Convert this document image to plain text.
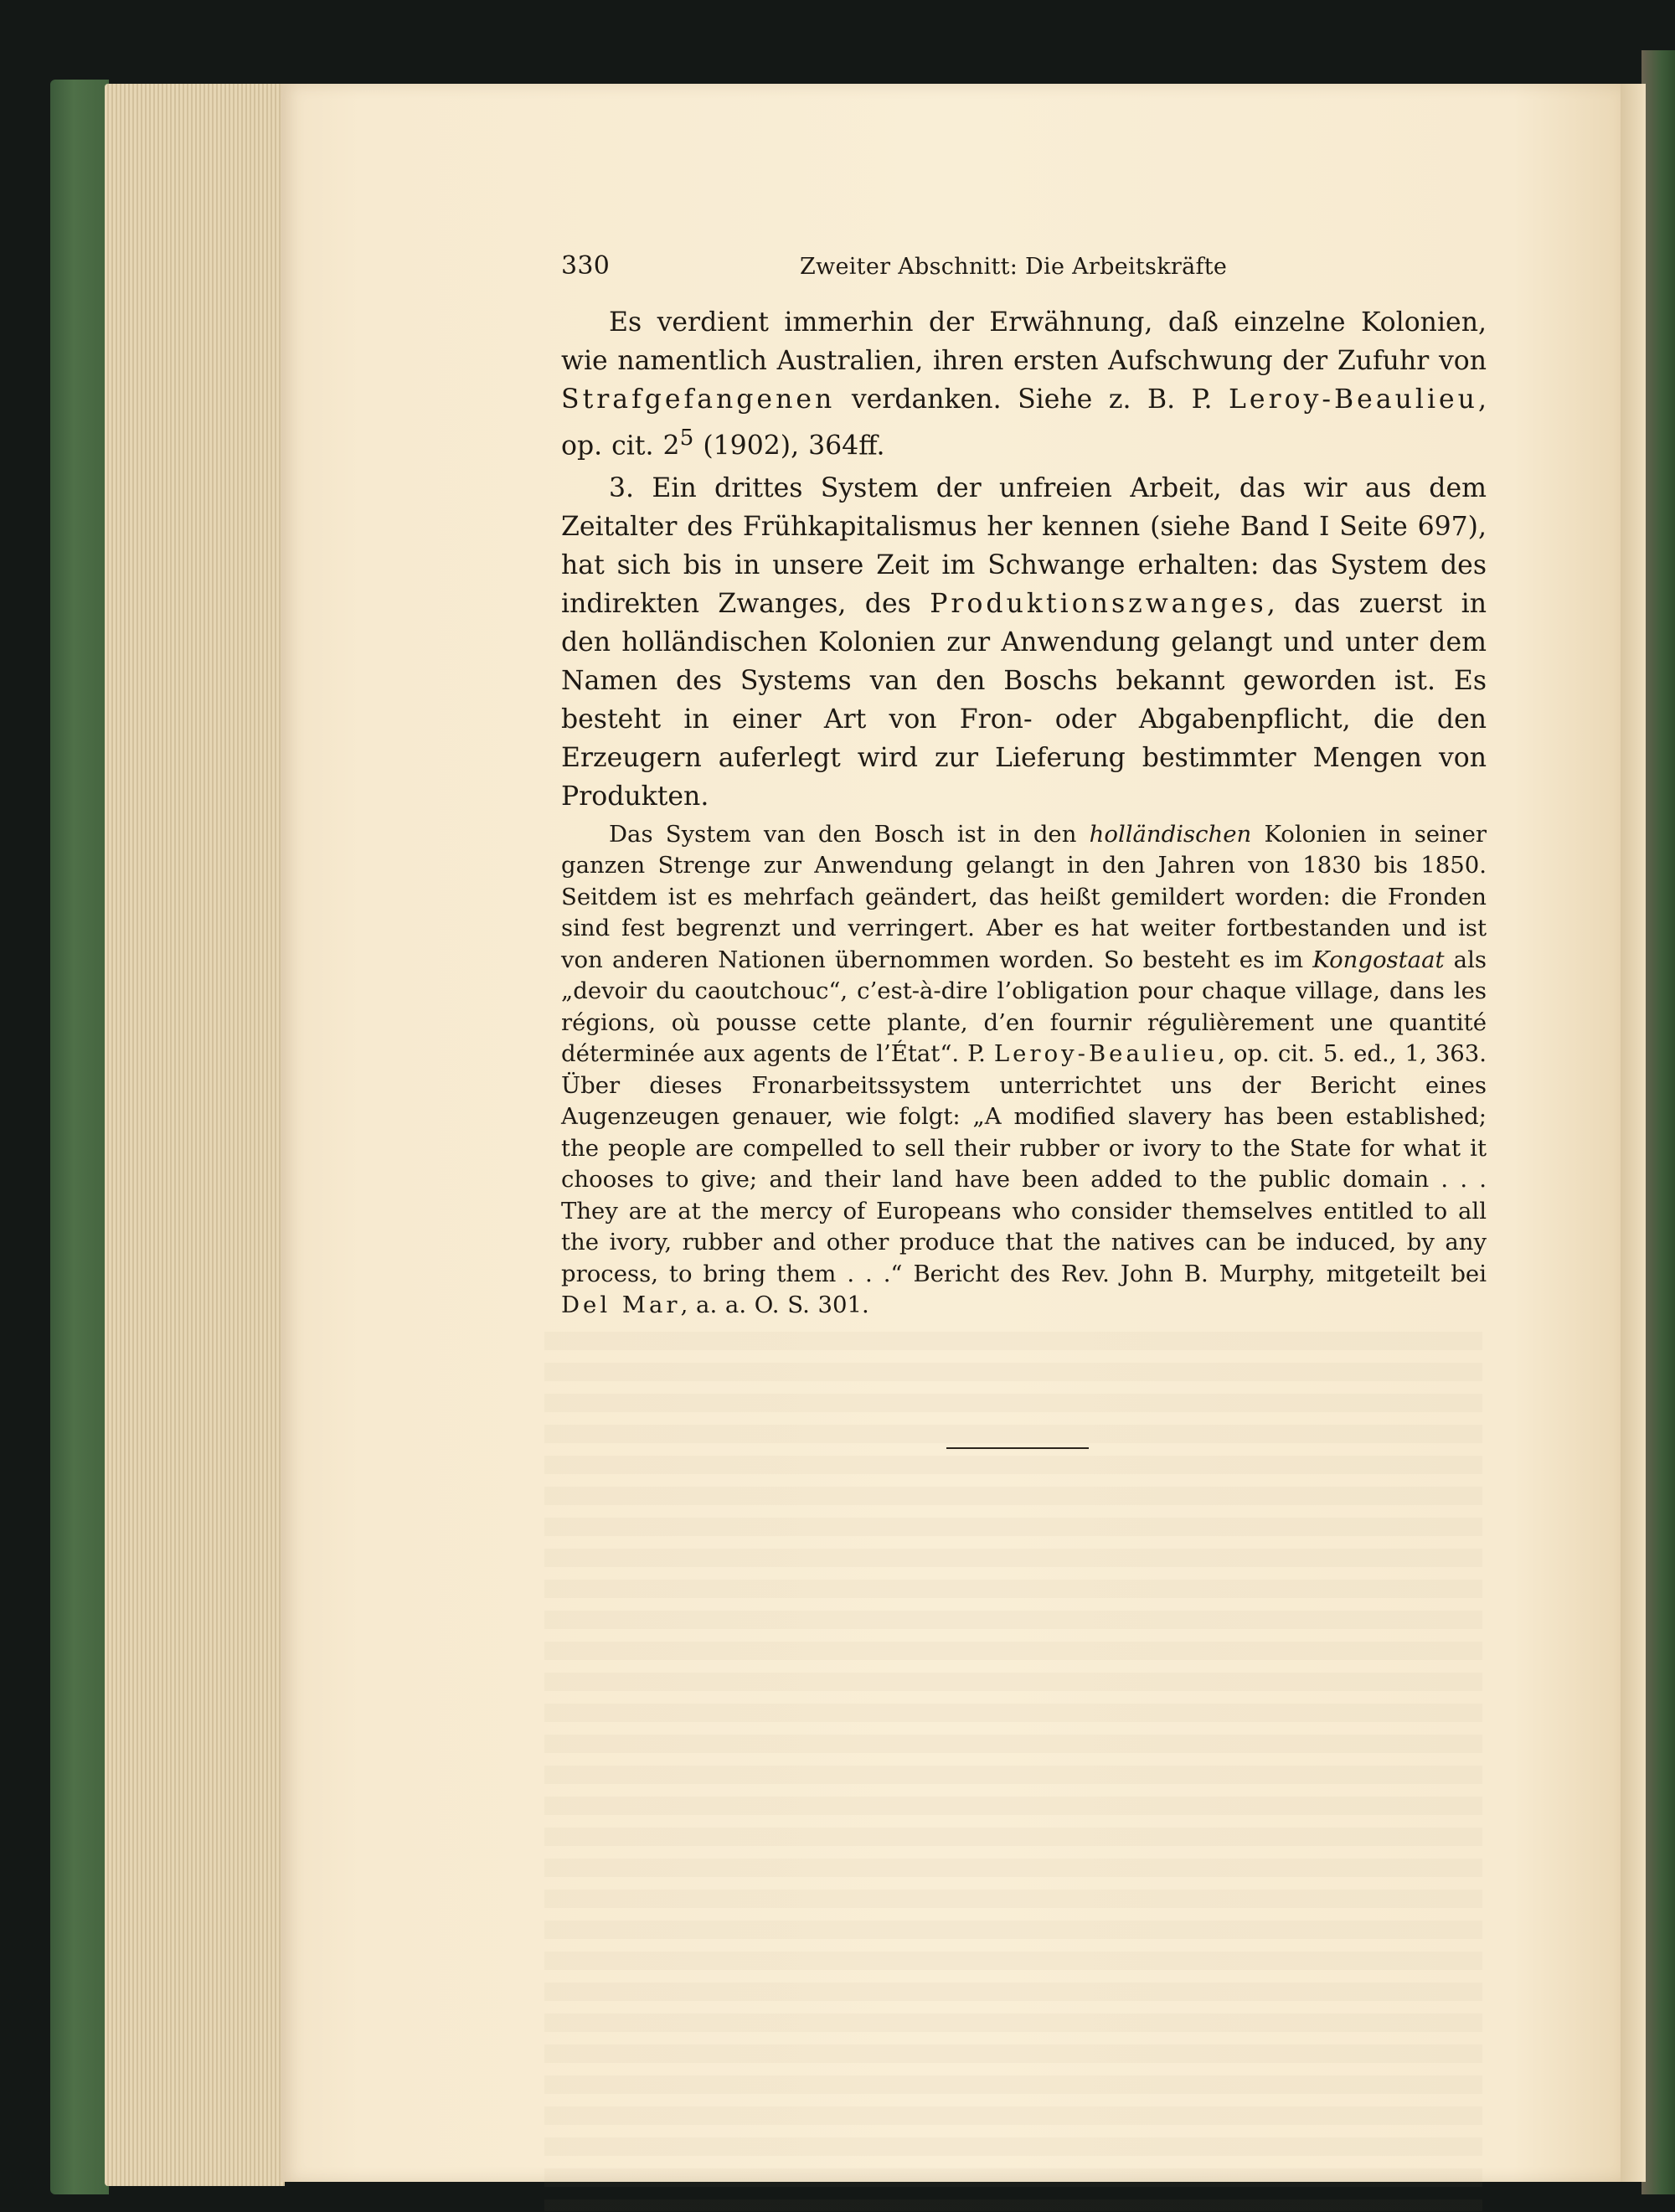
330	Zweiter Abschnitt: Die Arbeitskräfte

Es verdient immerhin der Erwähnung, daß einzelne Kolonien, wie namentlich Australien, ihren ersten Aufschwung der Zufuhr von Strafgefangenen verdanken. Siehe z. B. P. Leroy-Beaulieu, op. cit. $2^5$ (1902), 364ff.

3. Ein drittes System der unfreien Arbeit, das wir aus dem Zeitalter des Frühkapitalismus her kennen (siehe Band I Seite 697), hat sich bis in unsere Zeit im Schwange erhalten: das System des indirekten Zwanges, des Produktionszwanges, das zuerst in den holländischen Kolonien zur Anwendung gelangt und unter dem Namen des Systems van den Boschs bekannt geworden ist. Es besteht in einer Art von Fron- oder Abgabenpflicht, die den Erzeugern auferlegt wird zur Lieferung bestimmter Mengen von Produkten.

Das System van den Bosch ist in den holländischen Kolonien in seiner ganzen Strenge zur Anwendung gelangt in den Jahren von 1830 bis 1850. Seitdem ist es mehrfach geändert, das heißt gemildert worden: die Fronden sind fest begrenzt und verringert. Aber es hat weiter fortbestanden und ist von anderen Nationen übernommen worden. So besteht es im Kongostaat als „devoir du caoutchouc“, c’est-à-dire l’obligation pour chaque village, dans les régions, où pousse cette plante, d’en fournir régulièrement une quantité déterminée aux agents de l’État“. P. Leroy-Beaulieu, op. cit. 5. ed., 1, 363. Über dieses Fronarbeitssystem unterrichtet uns der Bericht eines Augenzeugen genauer, wie folgt: „A modified slavery has been established; the people are compelled to sell their rubber or ivory to the State for what it chooses to give; and their land have been added to the public domain . . . They are at the mercy of Europeans who consider themselves entitled to all the ivory, rubber and other produce that the natives can be induced, by any process, to bring them . . .“ Bericht des Rev. John B. Murphy, mitgeteilt bei Del Mar, a. a. O. S. 301.
